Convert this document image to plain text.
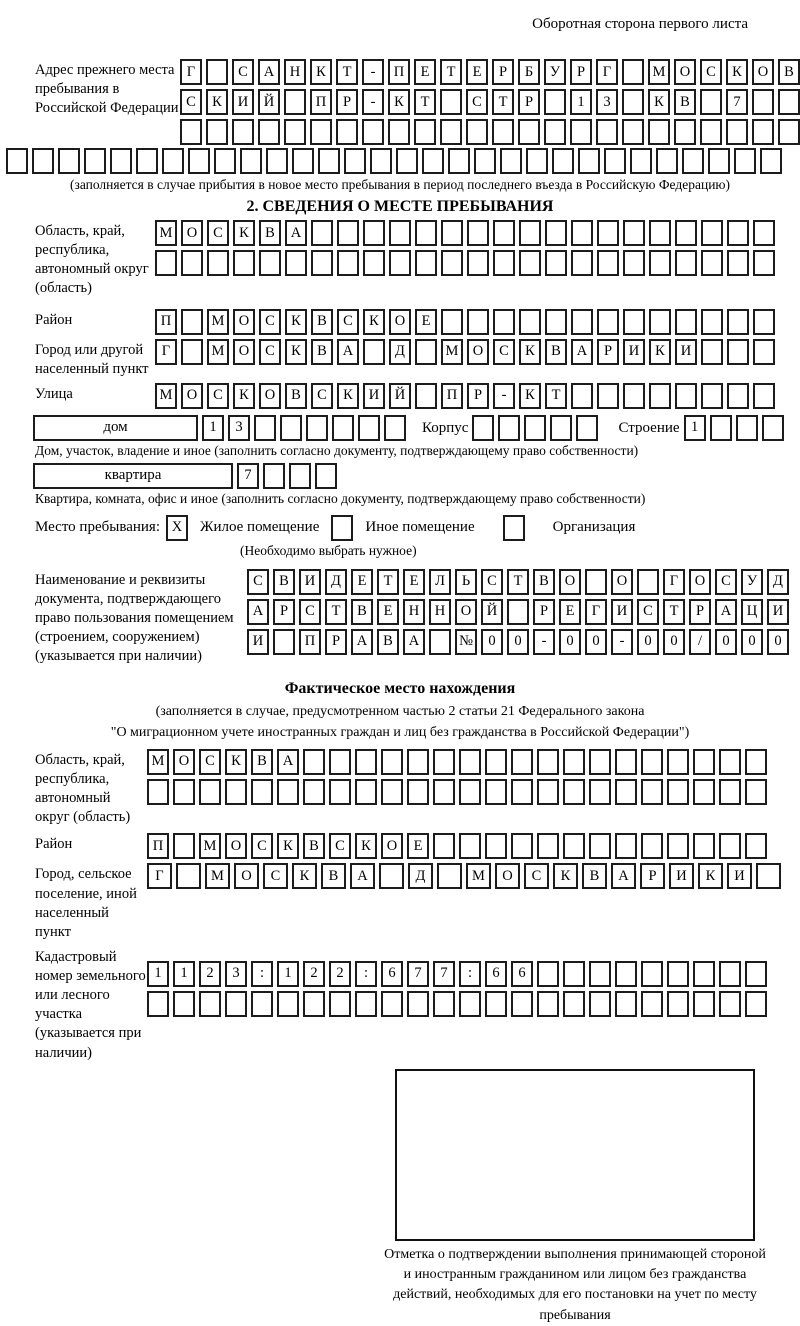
Оборотная сторона первого листа
Адрес прежнего места пребывания в Российской Федерации
Г	С	А	Н	К	Т	-	П	Е	Т	Е	Р	Б	У	Р	Г	М О	С	К	О	В
С	К	И	Й	П	Р	-	К	Т	С	Т	Р	1	3	К	В	7
(заполняется в случае прибытия в новое место пребывания в период последнего въезда в Российскую Федерацию)
2. СВЕДЕНИЯ О МЕСТЕ ПРЕБЫВАНИЯ
Область, край, республика, автономный округ (область)
М О	С	К	В	А
Район	П	М О	С	К	В	С	К	О	Е
Город или другой населенный пункт
Г	М О	С	К	В	А	Д	М О	С	К	В	А	Р	И	К	И
Улица	М О	С	К	О	В	С	К	И	Й	П	Р	-	К	Т
дом	1	3	Корпус	Строение 1
Дом, участок, владение и иное (заполнить согласно документу, подтверждающему право собственности)
квартира	7
Квартира, комната, офис и иное (заполнить согласно документу, подтверждающему право собственности)
Место пребывания: X	Жилое помещение	Иное помещение	Организация
(Необходимо выбрать нужное)
Наименование и реквизиты документа, подтверждающего право пользования помещением (строением, сооружением) (указывается при наличии)
С	В	И	Д	Е	Т	Е	Л	Ь	С	Т	В	О	О	Г	О	С	У	Д
А	Р	С	Т	В	Е	Н	Н	О	Й	Р	Е	Г	И	С	Т	Р	А	Ц	И
И	П	Р	А	В	А	№	0	0	-	0	0	-	0	0	/	0	0	0
Фактическое место нахождения
(заполняется в случае, предусмотренном частью 2 статьи 21 Федерального закона
"О миграционном учете иностранных граждан и лиц без гражданства в Российской Федерации")
Область, край, республика, автономный округ (область)
М О	С	К	В	А
Район	П	М О	С	К	В	С	К	О	Е
Город, сельское поселение, иной населенный пункт
Г	М	О	С	К	В	А	Д	М	О	С	К	В	А	Р	И	К	И
Кадастровый номер земельного или лесного участка (указывается при наличии)
1	1	2	3	:	1	2	2	:	6	7	7	:	6	6
Отметка о подтверждении выполнения принимающей стороной и иностранным гражданином или лицом без гражданства действий, необходимых для его постановки на учет по месту пребывания
